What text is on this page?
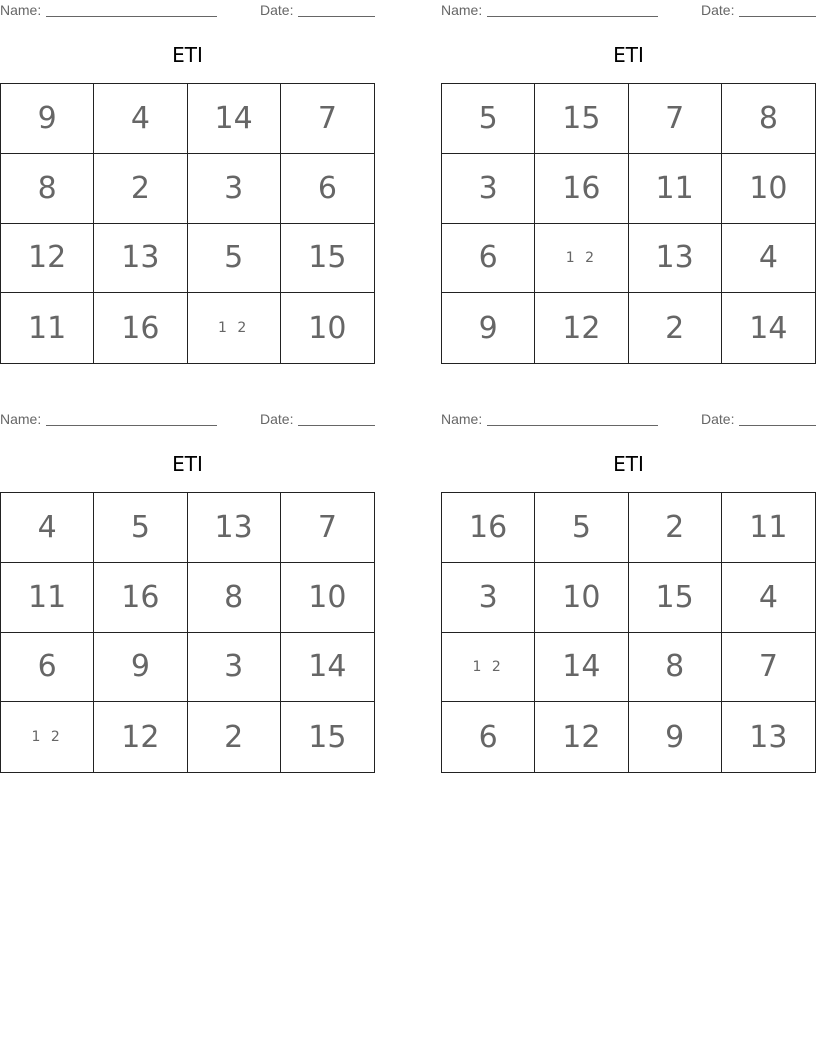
Name:	Date:
ETI
9	4	14	7
8	2	3	6
12	13	5	15
11	16	1 2	10
Name:	Date:
ETI
5	15	7	8
3	16	11	10
6	1 2	13	4
9	12	2	14
Name:	Date:
ETI
4	5	13	7
11	16	8	10
6	9	3	14
1 2	12	2	15
Name:	Date:
ETI
16	5	2	11
3	10	15	4
1 2	14	8	7
6	12	9	13
